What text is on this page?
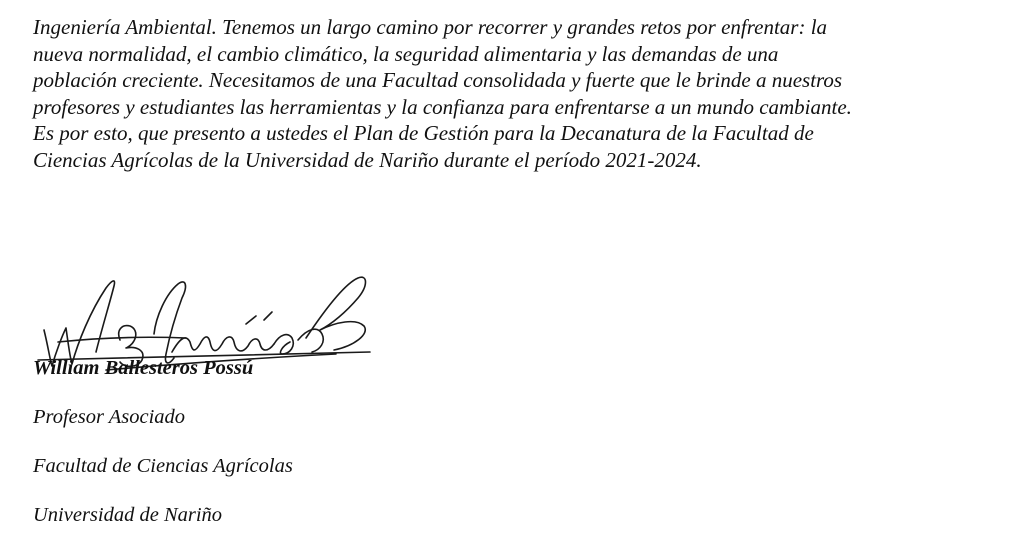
Ingeniería Ambiental. Tenemos un largo camino por recorrer y grandes retos por enfrentar: la
nueva normalidad, el cambio climático, la seguridad alimentaria y las demandas de una
población creciente. Necesitamos de una Facultad consolidada y fuerte que le brinde a nuestros
profesores y estudiantes las herramientas y la confianza para enfrentarse a un mundo cambiante.
Es por esto, que presento a ustedes el Plan de Gestión para la Decanatura de la Facultad de
Ciencias Agrícolas de la Universidad de Nariño durante el período 2021-2024.

William Ballesteros Possú
Profesor Asociado
Facultad de Ciencias Agrícolas
Universidad de Nariño
